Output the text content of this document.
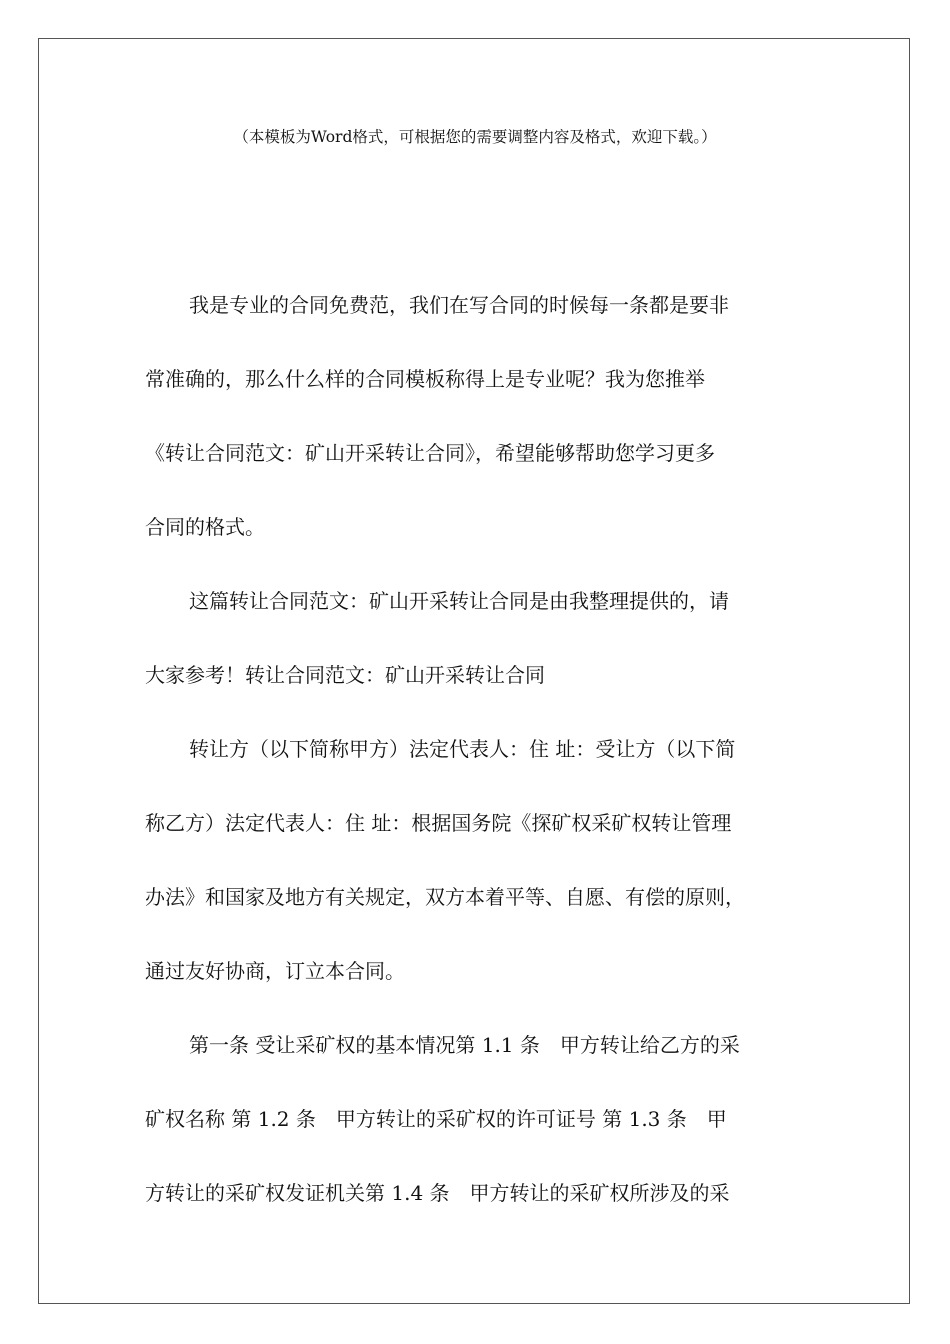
（本模板为Word格式，可根据您的需要调整内容及格式，欢迎下载。）

我是专业的合同免费范，我们在写合同的时候每一条都是要非
常准确的，那么什么样的合同模板称得上是专业呢？我为您推举
《转让合同范文：矿山开采转让合同》，希望能够帮助您学习更多
合同的格式。

这篇转让合同范文：矿山开采转让合同是由我整理提供的，请
大家参考！转让合同范文：矿山开采转让合同

转让方（以下简称甲方）法定代表人：住 址：受让方（以下简
称乙方）法定代表人：住 址：根据国务院《探矿权采矿权转让管理
办法》和国家及地方有关规定，双方本着平等、自愿、有偿的原则，
通过友好协商，订立本合同。

第一条 受让采矿权的基本情况第 1.1 条　甲方转让给乙方的采
矿权名称 第 1.2 条　甲方转让的采矿权的许可证号 第 1.3 条　甲
方转让的采矿权发证机关第 1.4 条　甲方转让的采矿权所涉及的采
